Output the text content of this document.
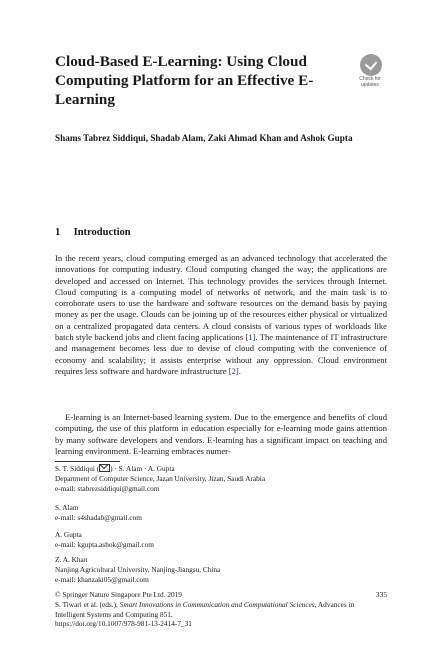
Cloud-Based E-Learning: Using Cloud Computing Platform for an Effective E-Learning
Check for
updates
Shams Tabrez Siddiqui, Shadab Alam, Zaki Ahmad Khan and Ashok Gupta
1 Introduction
In the recent years, cloud computing emerged as an advanced technology that accelerated the innovations for computing industry. Cloud computing changed the way; the applications are developed and accessed on Internet. This technology provides the services through Internet. Cloud computing is a computing model of networks of network, and the main task is to corroborate users to use the hardware and software resources on the demand basis by paying money as per the usage. Clouds can be joining up of the resources either physical or virtualized on a centralized propagated data centers. A cloud consists of various types of workloads like batch style backend jobs and client facing applications [1]. The maintenance of IT infrastructure and management becomes less due to devise of cloud computing with the convenience of economy and scalability; it assists enterprise without any oppression. Cloud environment requires less software and hardware infrastructure [2].
E-learning is an Internet-based learning system. Due to the emergence and benefits of cloud computing, the use of this platform in education especially for e-learning mode gains attention by many software developers and vendors. E-learning has a significant impact on teaching and learning environment. E-learning embraces numer-
S. T. Siddiqui ( ) · S. Alam · A. Gupta
Department of Computer Science, Jazan University, Jizan, Saudi Arabia
e-mail: stabrezsiddiqui@gmail.com
S. Alam
e-mail: s4shadab@gmail.com
A. Gupta
e-mail: kgupta.ashok@gmail.com
Z. A. Khan
Nanjing Agricultural University, Nanjing-Jiangsu, China
e-mail: khanzaki05@gmail.com
© Springer Nature Singapore Pte Ltd. 2019
S. Tiwari et al. (eds.), Smart Innovations in Communication and Computational Sciences, Advances in Intelligent Systems and Computing 851,
https://doi.org/10.1007/978-981-13-2414-7_31
335
